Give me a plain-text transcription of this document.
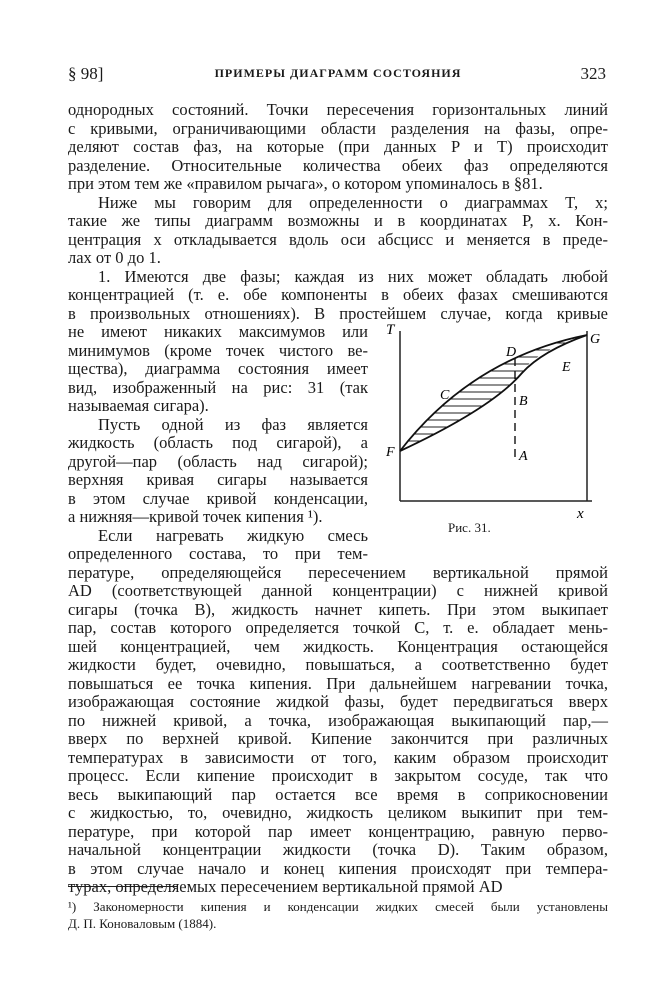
§ 98]	ПРИМЕРЫ ДИАГРАММ СОСТОЯНИЯ	323
однородных состояний. Точки пересечения горизонтальных линий
с кривыми, ограничивающими области разделения на фазы, опре-
деляют состав фаз, на которые (при данных P и T) происходит
разделение. Относительные количества обеих фаз определяются
при этом тем же «правилом рычага», о котором упоминалось в §81.
Ниже мы говорим для определенности о диаграммах T, x;
такие же типы диаграмм возможны и в координатах P, x. Кон-
центрация x откладывается вдоль оси абсцисс и меняется в преде-
лах от 0 до 1.
1. Имеются две фазы; каждая из них может обладать любой
концентрацией (т. е. обе компоненты в обеих фазах смешиваются
в произвольных отношениях). В простейшем случае, когда кривые
не имеют никаких максимумов или
минимумов (кроме точек чистого ве-
щества), диаграмма состояния имеет
вид, изображенный на рис: 31 (так
называемая сигара).
Пусть одной из фаз является
жидкость (область под сигарой), а
другой—пар (область над сигарой);
верхняя кривая сигары называется
в этом случае кривой конденсации,
а нижняя—кривой точек кипения ¹).
Если нагревать жидкую смесь
определенного состава, то при тем-
пературе, определяющейся пересечением вертикальной прямой
AD (соответствующей данной концентрации) с нижней кривой
сигары (точка B), жидкость начнет кипеть. При этом выкипает
пар, состав которого определяется точкой C, т. е. обладает мень-
шей концентрацией, чем жидкость. Концентрация остающейся
жидкости будет, очевидно, повышаться, а соответственно будет
повышаться ее точка кипения. При дальнейшем нагревании точка,
изображающая состояние жидкой фазы, будет передвигаться вверх
по нижней кривой, а точка, изображающая выкипающий пар,—
вверх по верхней кривой. Кипение закончится при различных
температурах в зависимости от того, каким образом происходит
процесс. Если кипение происходит в закрытом сосуде, так что
весь выкипающий пар остается все время в соприкосновении
с жидкостью, то, очевидно, жидкость целиком выкипит при тем-
пературе, при которой пар имеет концентрацию, равную перво-
начальной концентрации жидкости (точка D). Таким образом,
T
x
A
B
C
D
E
F
G
Рис. 31.
¹) Закономерности кипения и конденсации жидких смесей были установлены
Д. П. Коноваловым (1884).
в этом случае начало и конец кипения происходят при темпера-
турах, определяемых пересечением вертикальной прямой AD
